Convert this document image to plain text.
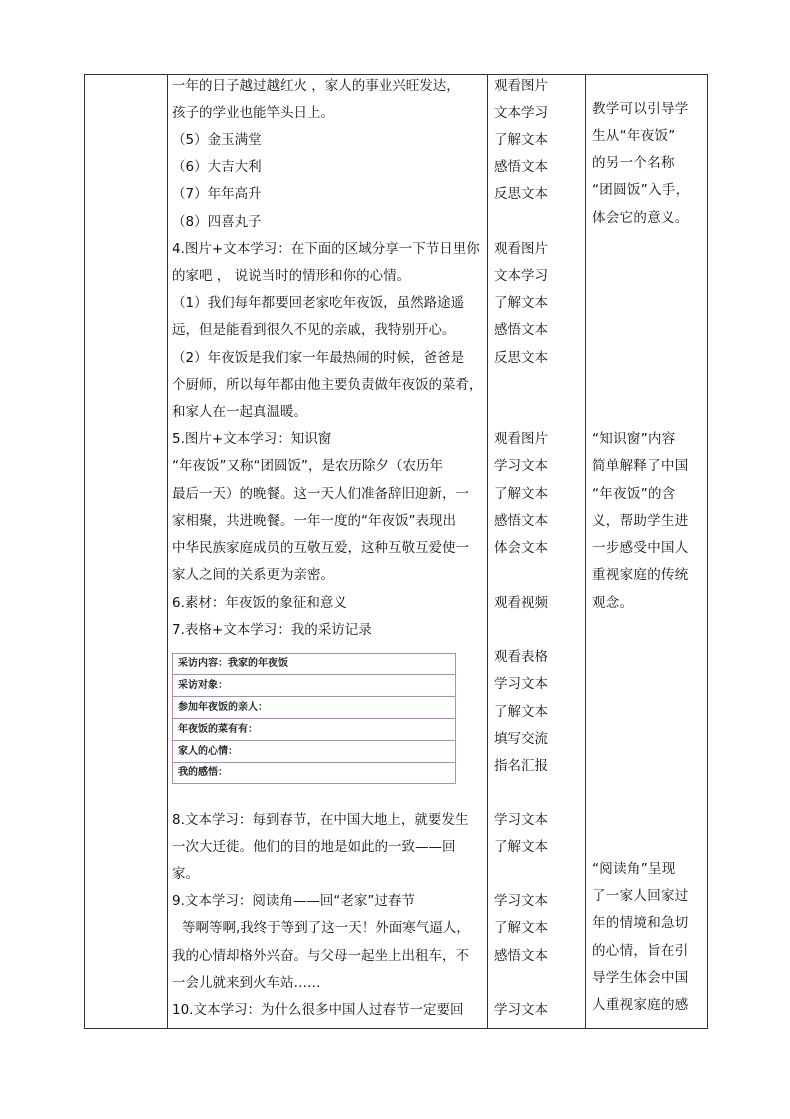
一年的日子越过越红火 ，家人的事业兴旺发达，
孩子的学业也能竿头日上。
（5）金玉满堂
（6）大吉大利
（7）年年高升
（8）四喜丸子
4.图片+文本学习：在下面的区域分享一下节日里你
的家吧 ， 说说当时的情形和你的心情。
（1）我们每年都要回老家吃年夜饭，虽然路途遥
远，但是能看到很久不见的亲戚，我特别开心。
（2）年夜饭是我们家一年最热闹的时候，爸爸是
个厨师，所以每年都由他主要负责做年夜饭的菜肴，
和家人在一起真温暖。
5.图片+文本学习：知识窗
“年夜饭”又称“团圆饭”，是农历除夕（农历年
最后一天）的晚餐。这一天人们准备辞旧迎新，一
家相聚，共进晚餐。一年一度的“年夜饭”表现出
中华民族家庭成员的互敬互爱，这种互敬互爱使一
家人之间的关系更为亲密。
6.素材：年夜饭的象征和意义
7.表格+文本学习：我的采访记录
8.文本学习：每到春节，在中国大地上，就要发生
一次大迁徙。他们的目的地是如此的一致——回
家。
9.文本学习：阅读角——回“老家”过春节
等啊等啊,我终于等到了这一天！外面寒气逼人，
我的心情却格外兴奋。与父母一起坐上出租车，不
一会儿就来到火车站……
10.文本学习：为什么很多中国人过春节一定要回
采访内容：我家的年夜饭
采访对象：
参加年夜饭的亲人：
年夜饭的菜有有：
家人的心情：
我的感悟：
观看图片
文本学习
了解文本
感悟文本
反思文本
观看图片
文本学习
了解文本
感悟文本
反思文本
观看图片
学习文本
了解文本
感悟文本
体会文本
观看视频
观看表格
学习文本
了解文本
填写交流
指名汇报
学习文本
了解文本
学习文本
了解文本
感悟文本
学习文本
教学可以引导学
生从“年夜饭”
的另一个名称
“团圆饭”入手，
体会它的意义。
“知识窗”内容
简单解释了中国
“年夜饭”的含
义，帮助学生进
一步感受中国人
重视家庭的传统
观念。
“阅读角”呈现
了一家人回家过
年的情境和急切
的心情，旨在引
导学生体会中国
人重视家庭的感
